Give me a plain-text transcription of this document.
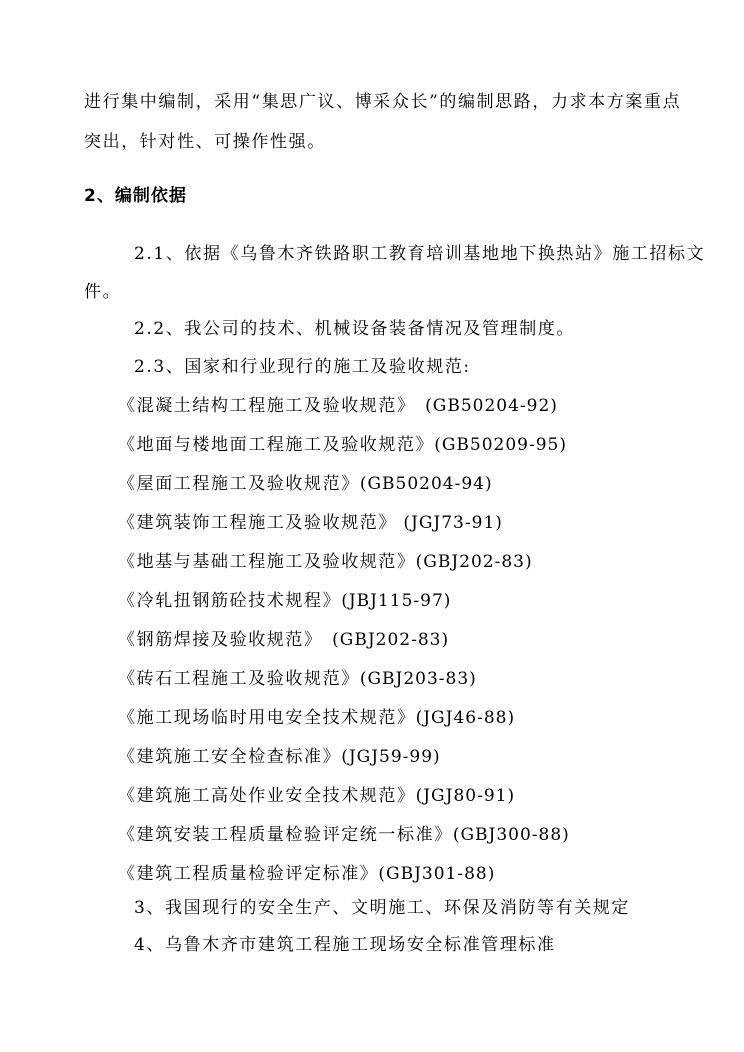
进行集中编制，采用“集思广议、博采众长”的编制思路，力求本方案重点
突出，针对性、可操作性强。
2、编制依据
2.1、依据《乌鲁木齐铁路职工教育培训基地地下换热站》施工招标文
件。
2.2、我公司的技术、机械设备装备情况及管理制度。
2.3、国家和行业现行的施工及验收规范:
《混凝土结构工程施工及验收规范》　(GB50204-92)
《地面与楼地面工程施工及验收规范》(GB50209-95)
《屋面工程施工及验收规范》(GB50204-94)
《建筑装饰工程施工及验收规范》 (JGJ73-91)
《地基与基础工程施工及验收规范》(GBJ202-83)
《冷轧扭钢筋砼技术规程》(JBJ115-97)
《钢筋焊接及验收规范》　(GBJ202-83)
《砖石工程施工及验收规范》(GBJ203-83)
《施工现场临时用电安全技术规范》(JGJ46-88)
《建筑施工安全检查标准》(JGJ59-99)
《建筑施工高处作业安全技术规范》(JGJ80-91)
《建筑安装工程质量检验评定统一标准》(GBJ300-88)
《建筑工程质量检验评定标准》(GBJ301-88)
3、我国现行的安全生产、文明施工、环保及消防等有关规定
4、乌鲁木齐市建筑工程施工现场安全标准管理标准
